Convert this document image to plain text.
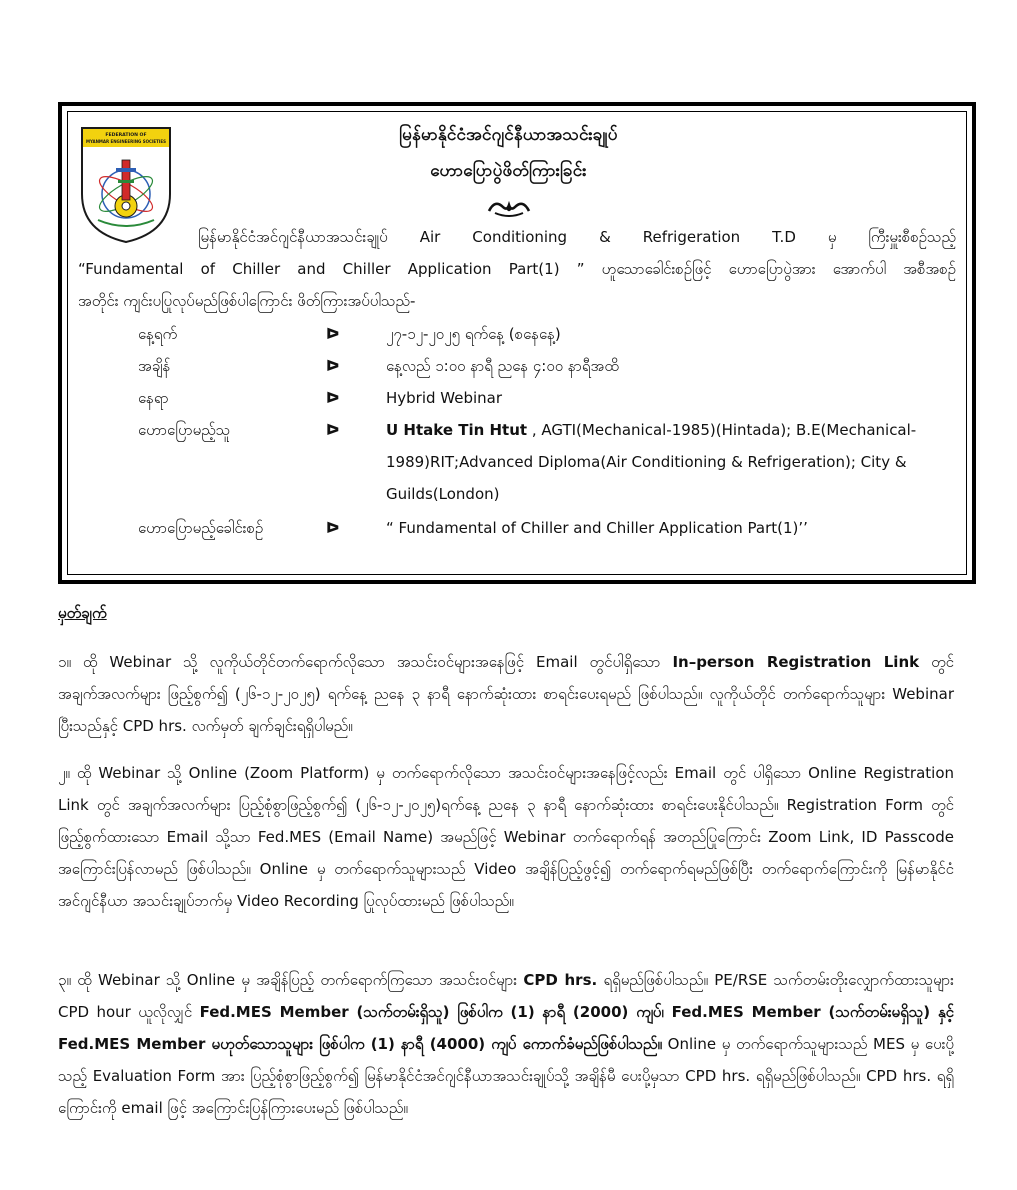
FEDERATION OF
MYANMAR ENGINEERING SOCIETIES	မြန်မာနိုင်ငံအင်ဂျင်နီယာအသင်းချုပ်
ဟောပြောပွဲဖိတ်ကြားခြင်း
မြန်မာနိုင်ငံအင်ဂျင်နီယာအသင်းချုပ် Air Conditioning & Refrigeration T.D မှ ကြီးမှူးစီစဉ်သည့်
“Fundamental of Chiller and Chiller Application Part(1) ” ဟူသောခေါင်းစဉ်ဖြင့် ဟောပြောပွဲအား အောက်ပါ အစီအစဉ်
အတိုင်း ကျင်းပပြုလုပ်မည်ဖြစ်ပါကြောင်း ဖိတ်ကြားအပ်ပါသည်-
နေ့ရက်	ᐅ	၂၇-၁၂-၂၀၂၅ ရက်နေ့ (စနေနေ့)
အချိန်	ᐅ	နေ့လည် ၁:၀၀ နာရီ ညနေ ၄:၀၀ နာရီအထိ
နေရာ	ᐅ	Hybrid Webinar
ဟောပြောမည့်သူ	ᐅ	U Htake Tin Htut , AGTI(Mechanical-1985)(Hintada); B.E(Mechanical-1989)RIT;Advanced Diploma(Air Conditioning & Refrigeration); City & Guilds(London)
ဟောပြောမည့်ခေါင်းစဉ်	ᐅ	“ Fundamental of Chiller and Chiller Application Part(1)’’
မှတ်ချက်
၁။ ထို Webinar သို့ လူကိုယ်တိုင်တက်ရောက်လိုသော အသင်းဝင်များအနေဖြင့် Email တွင်ပါရှိသော In–person Registration Link တွင် အချက်အလက်များ ဖြည့်စွက်၍ (၂၆-၁၂-၂၀၂၅) ရက်နေ့ ညနေ ၃ နာရီ နောက်ဆုံးထား စာရင်းပေးရမည် ဖြစ်ပါသည်။ လူကိုယ်တိုင် တက်ရောက်သူများ Webinar ပြီးသည်နှင့် CPD hrs. လက်မှတ် ချက်ချင်းရရှိပါမည်။
၂။ ထို Webinar သို့ Online (Zoom Platform) မှ တက်ရောက်လိုသော အသင်းဝင်များအနေဖြင့်လည်း Email တွင် ပါရှိသော Online Registration Link တွင် အချက်အလက်များ ပြည့်စုံစွာဖြည့်စွက်၍ (၂၆-၁၂-၂၀၂၅)ရက်နေ့ ညနေ ၃ နာရီ နောက်ဆုံးထား စာရင်းပေးနိုင်ပါသည်။ Registration Form တွင် ဖြည့်စွက်ထားသော Email သို့သာ Fed.MES (Email Name) အမည်ဖြင့် Webinar တက်ရောက်ရန် အတည်ပြုကြောင်း Zoom Link, ID Passcode အကြောင်းပြန်လာမည် ဖြစ်ပါသည်။ Online မှ တက်ရောက်သူများသည် Video အချိန်ပြည့်ဖွင့်၍ တက်ရောက်ရမည်ဖြစ်ပြီး တက်ရောက်ကြောင်းကို မြန်မာနိုင်ငံအင်ဂျင်နီယာ အသင်းချုပ်ဘက်မှ Video Recording ပြုလုပ်ထားမည် ဖြစ်ပါသည်။
၃။ ထို Webinar သို့ Online မှ အချိန်ပြည့် တက်ရောက်ကြသော အသင်းဝင်များ CPD hrs. ရရှိမည်ဖြစ်ပါသည်။ PE/RSE သက်တမ်းတိုးလျှောက်ထားသူများ CPD hour ယူလိုလျှင် Fed.MES Member (သက်တမ်းရှိသူ) ဖြစ်ပါက (1) နာရီ (2000) ကျပ်၊ Fed.MES Member (သက်တမ်းမရှိသူ) နှင့် Fed.MES Member မဟုတ်သောသူများ ဖြစ်ပါက (1) နာရီ (4000) ကျပ် ကောက်ခံမည်ဖြစ်ပါသည်။ Online မှ တက်ရောက်သူများသည် MES မှ ပေးပို့သည့် Evaluation Form အား ပြည့်စုံစွာဖြည့်စွက်၍ မြန်မာနိုင်ငံအင်ဂျင်နီယာအသင်းချုပ်သို့ အချိန်မီ ပေးပို့မှသာ CPD hrs. ရရှိမည်ဖြစ်ပါသည်။ CPD hrs. ရရှိကြောင်းကို email ဖြင့် အကြောင်းပြန်ကြားပေးမည် ဖြစ်ပါသည်။
